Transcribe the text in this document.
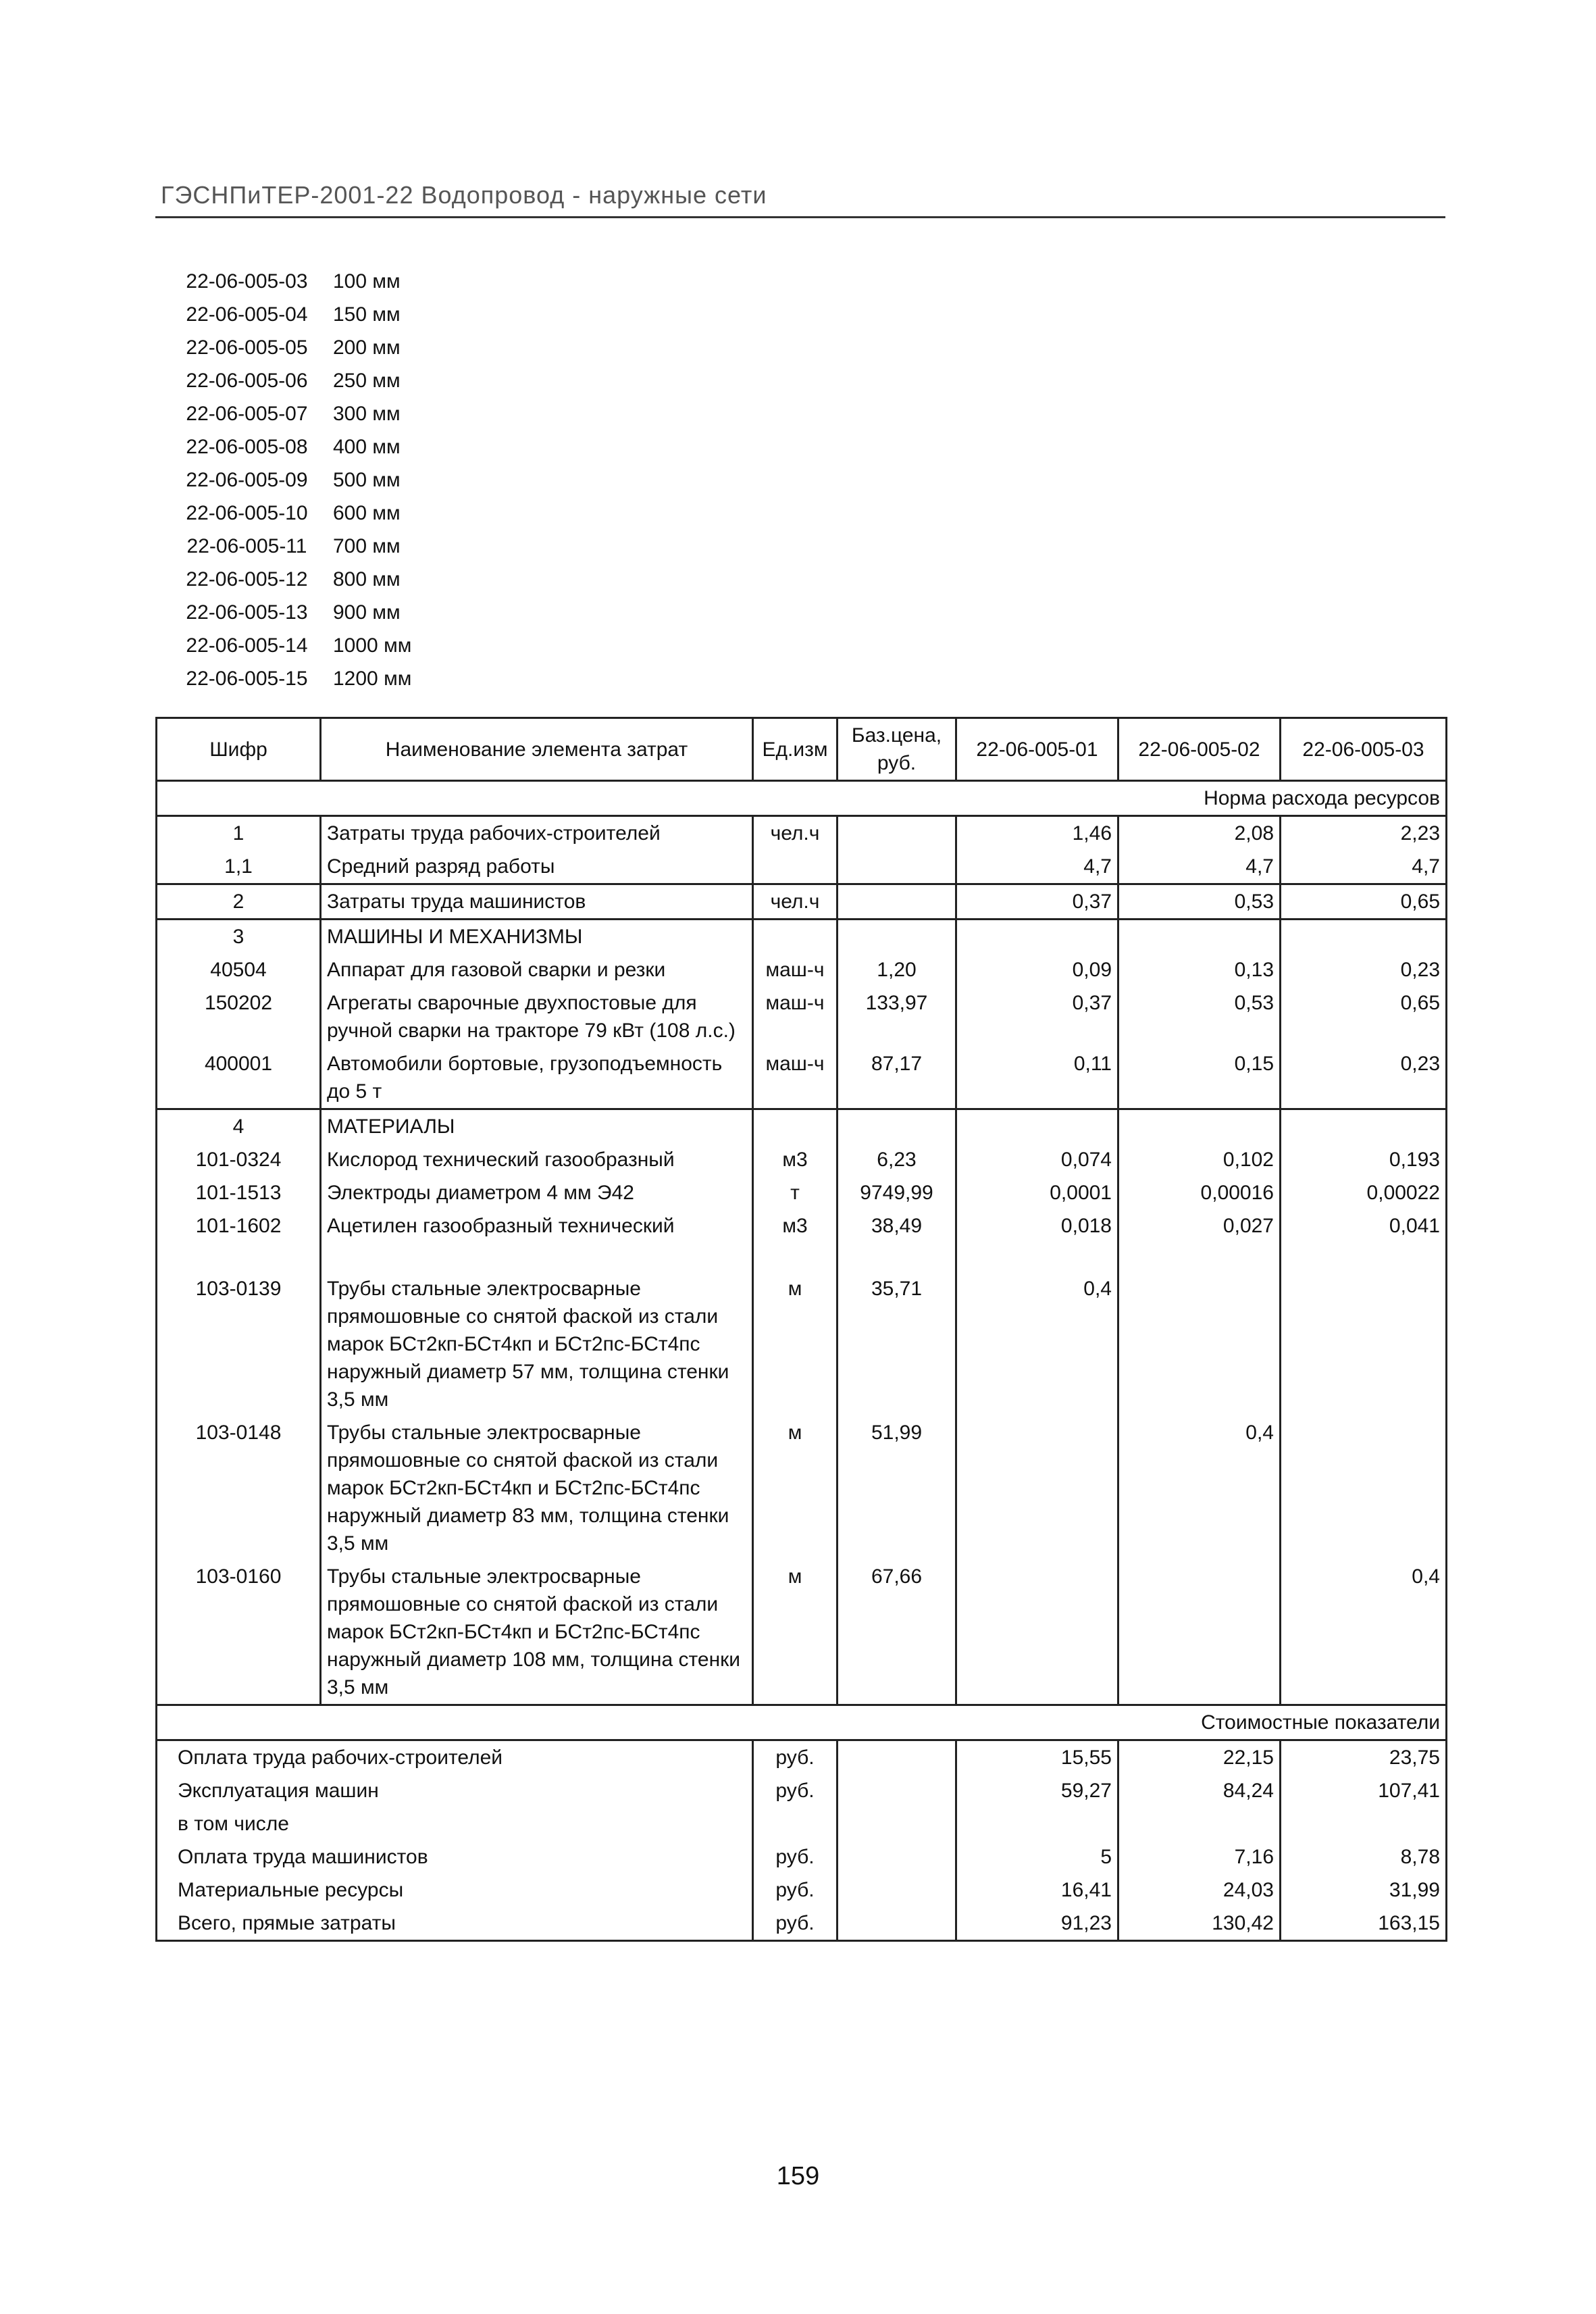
ГЭСНПиТЕР-2001-22 Водопровод - наружные сети
22-06-005-03	100 мм
22-06-005-04	150 мм
22-06-005-05	200 мм
22-06-005-06	250 мм
22-06-005-07	300 мм
22-06-005-08	400 мм
22-06-005-09	500 мм
22-06-005-10	600 мм
22-06-005-11	700 мм
22-06-005-12	800 мм
22-06-005-13	900 мм
22-06-005-14	1000 мм
22-06-005-15	1200 мм
Шифр	Наименование элемента затрат	Ед.изм	Баз.цена, руб.	22-06-005-01	22-06-005-02	22-06-005-03
Норма расхода ресурсов						
1	Затраты труда рабочих-строителей	чел.ч		1,46	2,08	2,23
1,1	Средний разряд работы			4,7	4,7	4,7
2	Затраты труда машинистов	чел.ч		0,37	0,53	0,65
3	МАШИНЫ И МЕХАНИЗМЫ					
40504	Аппарат для газовой сварки и резки	маш-ч	1,20	0,09	0,13	0,23
150202	Агрегаты сварочные двухпостовые для ручной сварки на тракторе 79 кВт (108 л.с.)	маш-ч	133,97	0,37	0,53	0,65
400001	Автомобили бортовые, грузоподъемность до 5 т	маш-ч	87,17	0,11	0,15	0,23
4	МАТЕРИАЛЫ					
101-0324	Кислород технический газообразный	м3	6,23	0,074	0,102	0,193
101-1513	Электроды диаметром 4 мм Э42	т	9749,99	0,0001	0,00016	0,00022
101-1602	Ацетилен газообразный технический	м3	38,49	0,018	0,027	0,041
103-0139	Трубы стальные электросварные прямошовные со снятой фаской из стали марок БСт2кп-БСт4кп и БСт2пс-БСт4пс наружный диаметр 57 мм, толщина стенки 3,5 мм	м	35,71	0,4		
103-0148	Трубы стальные электросварные прямошовные со снятой фаской из стали марок БСт2кп-БСт4кп и БСт2пс-БСт4пс наружный диаметр 83 мм, толщина стенки 3,5 мм	м	51,99		0,4	
103-0160	Трубы стальные электросварные прямошовные со снятой фаской из стали марок БСт2кп-БСт4кп и БСт2пс-БСт4пс наружный диаметр 108 мм, толщина стенки 3,5 мм	м	67,66			0,4
Стоимостные показатели						
Оплата труда рабочих-строителей		руб.		15,55	22,15	23,75
Эксплуатация машин		руб.		59,27	84,24	107,41
в том числе						
Оплата труда машинистов		руб.		5	7,16	8,78
Материальные ресурсы		руб.		16,41	24,03	31,99
Всего, прямые затраты		руб.		91,23	130,42	163,15
159
